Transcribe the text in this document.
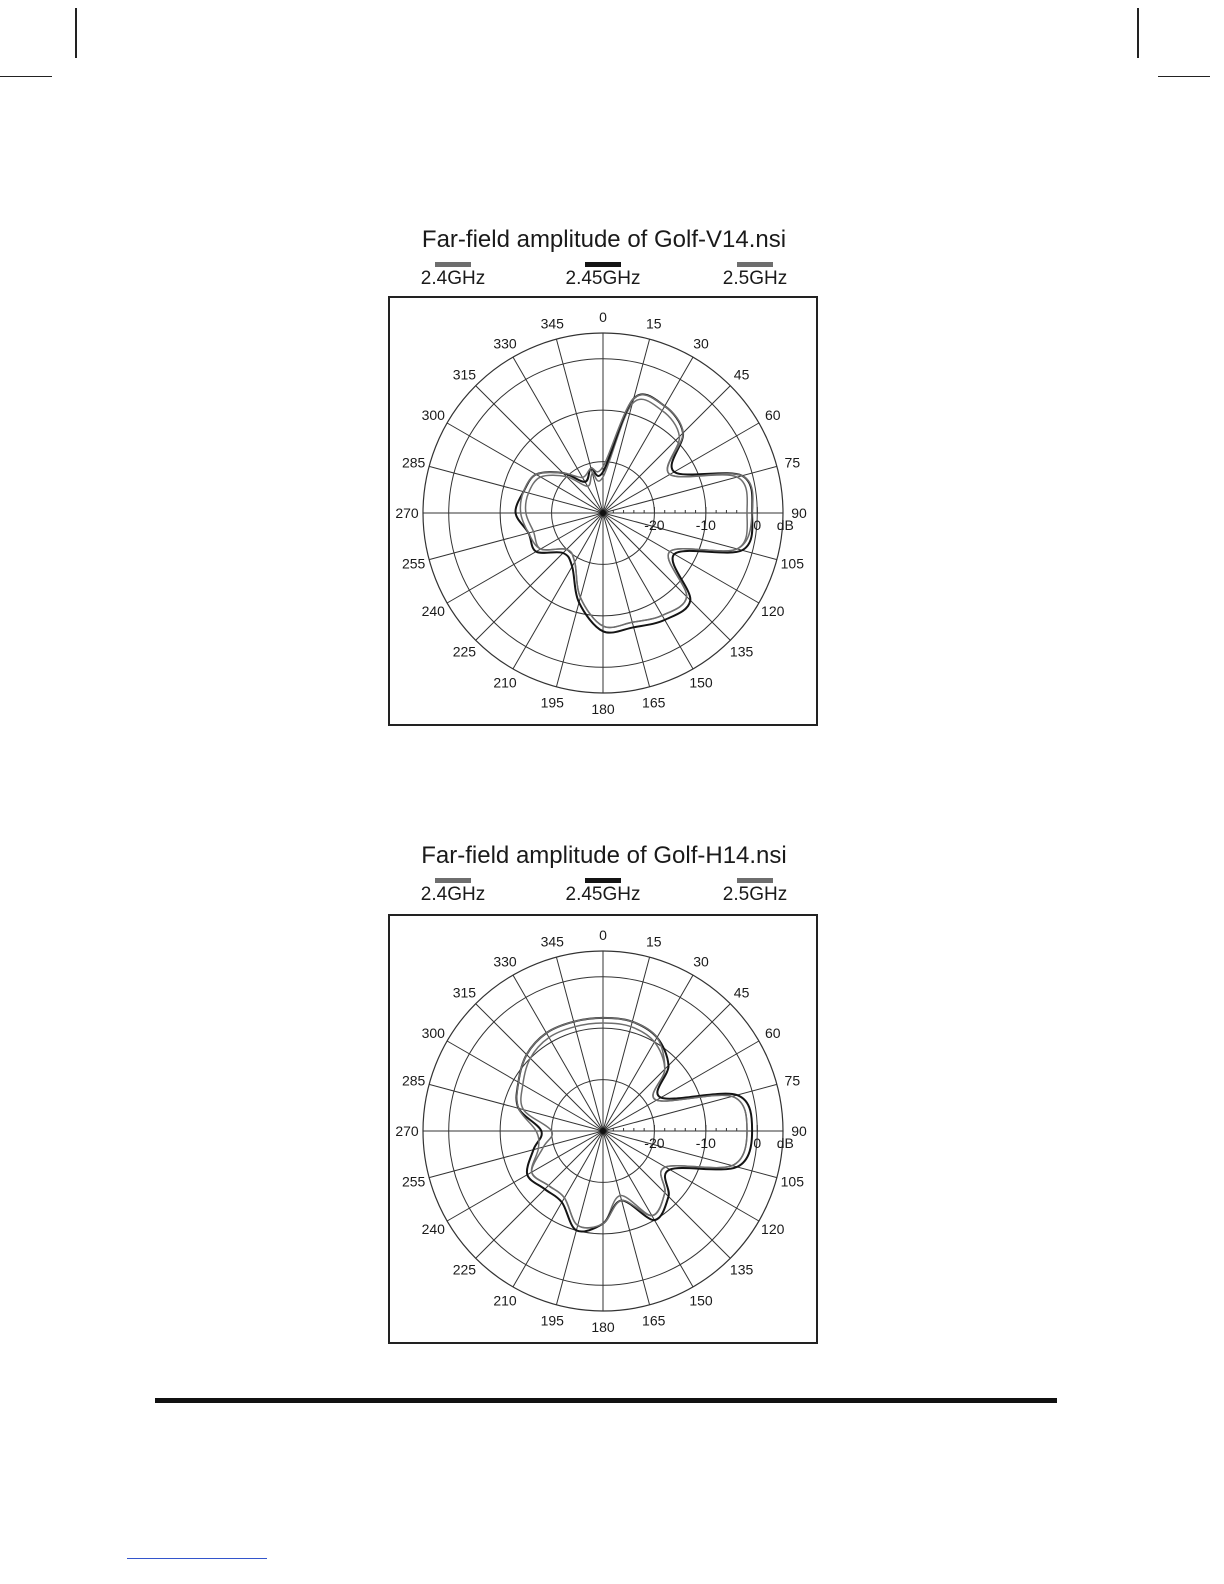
Far-field amplitude of Golf-V14.nsi
2.4GHz	2.45GHz	2.5GHz
0	15
30
45
60
75
90
105
120
135
150
165
180
195
210
225
240
255
270
285
300
315
330
345
-20 -10	0 dB
Far-field amplitude of Golf-H14.nsi
2.4GHz	2.45GHz	2.5GHz
0	15
30
45
60
75
90
105
120
135
150
165
180
195
210
225
240
255
270
285
300
315
330
345
-20 -10	0 dB
